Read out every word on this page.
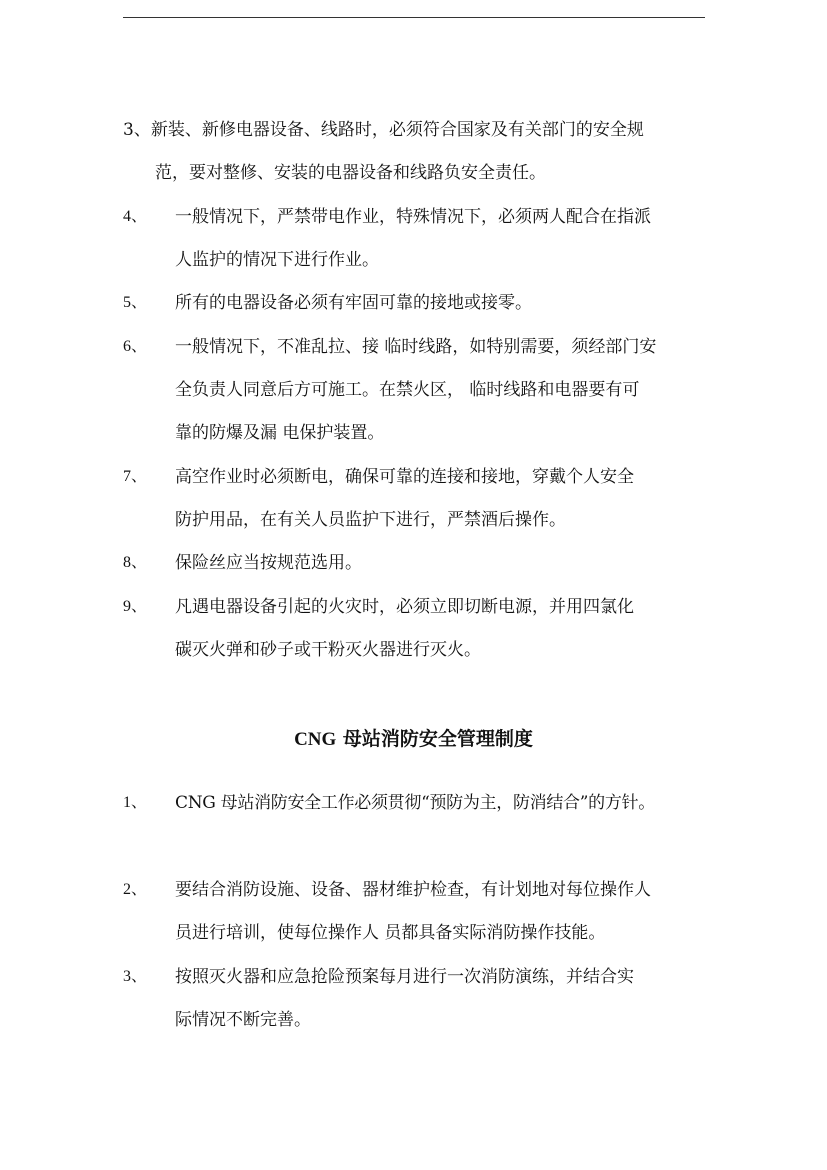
3、新装、新修电器设备、线路时，必须符合国家及有关部门的安全规
范，要对整修、安装的电器设备和线路负安全责任。
4、 一般情况下，严禁带电作业，特殊情况下，必须两人配合在指派
人监护的情况下进行作业。
5、 所有的电器设备必须有牢固可靠的接地或接零。
6、 一般情况下，不准乱拉、接 临时线路，如特别需要，须经部门安
全负责人同意后方可施工。在禁火区， 临时线路和电器要有可
靠的防爆及漏 电保护装置。
7、 高空作业时必须断电，确保可靠的连接和接地，穿戴个人安全
防护用品，在有关人员监护下进行，严禁酒后操作。
8、 保险丝应当按规范选用。
9、 凡遇电器设备引起的火灾时，必须立即切断电源，并用四氯化
碳灭火弹和砂子或干粉灭火器进行灭火。
CNG 母站消防安全管理制度
1、 CNG 母站消防安全工作必须贯彻“预防为主，防消结合”的方针。
2、 要结合消防设施、设备、器材维护检查，有计划地对每位操作人
员进行培训，使每位操作人 员都具备实际消防操作技能。
3、 按照灭火器和应急抢险预案每月进行一次消防演练，并结合实
际情况不断完善。
